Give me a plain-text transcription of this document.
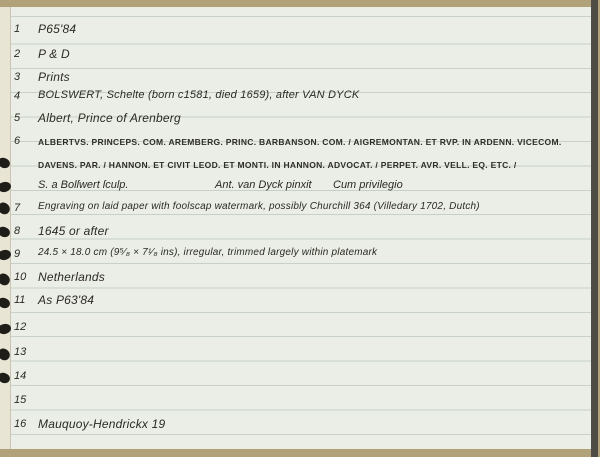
1	P65'84
2	P & D
3	Prints
4	BOLSWERT, Schelte (born c1581, died 1659), after VAN DYCK
5	Albert, Prince of Arenberg
6	ALBERTVS. PRINCEPS. COM. AREMBERG. PRINC. BARBANSON. COM. / AIGREMONTAN. ET RVP. IN ARDENN. VICECOM.
DAVENS. PAR. / HANNON. ET CIVIT LEOD. ET MONTI. IN HANNON. ADVOCAT. / PERPET. AVR. VELL. EQ. ETC. /
S. a Bolſwert ſculp.	Ant. van Dyck pinxit Cum privilegio
7	Engraving on laid paper with foolscap watermark, possibly Churchill 364 (Villedary 1702, Dutch)
8	1645 or after
9	24.5 × 18.0 cm (9⁵⁄₈ × 7¹⁄₈ ins), irregular, trimmed largely within platemark
10 Netherlands
11	As P63'84
12
13
14
15
16 Mauquoy-Hendrickx 19
